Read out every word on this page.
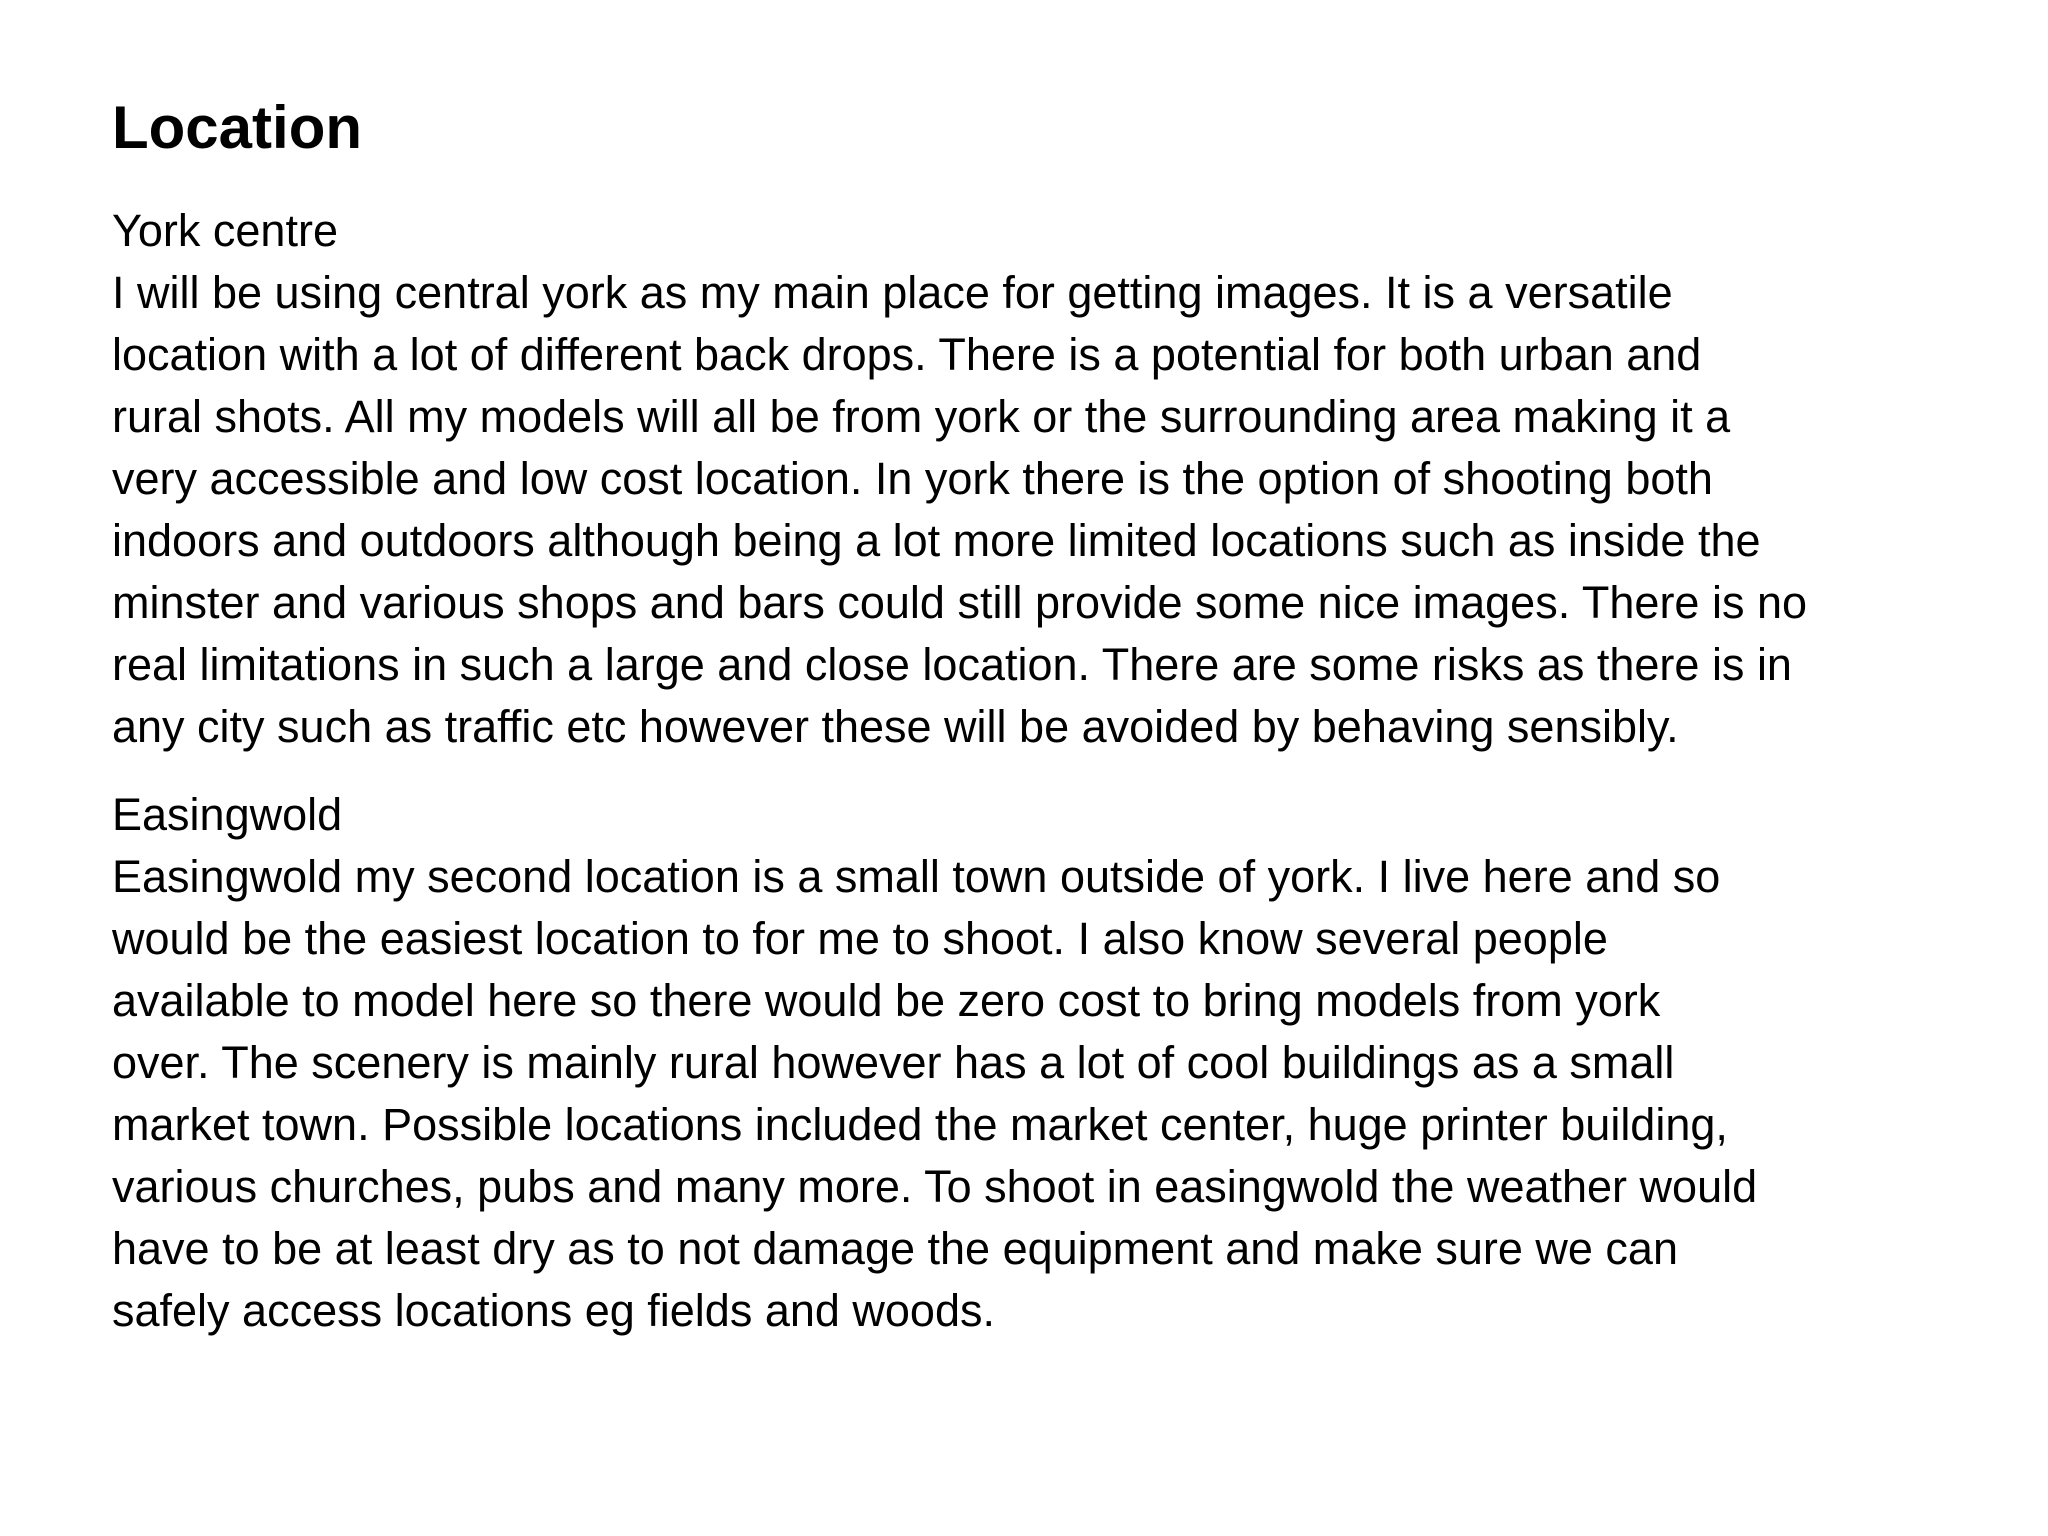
Location
York centre
I will be using central york as my main place for getting images. It is a versatile
location with a lot of different back drops. There is a potential for both urban and
rural shots. All my models will all be from york or the surrounding area making it a
very accessible and low cost location. In york there is the option of shooting both
indoors and outdoors although being a lot more limited locations such as inside the
minster and various shops and bars could still provide some nice images. There is no
real limitations in such a large and close location. There are some risks as there is in
any city such as traffic etc however these will be avoided by behaving sensibly.
Easingwold
Easingwold my second location is a small town outside of york. I live here and so
would be the easiest location to for me to shoot. I also know several people
available to model here so there would be zero cost to bring models from york
over. The scenery is mainly rural however has a lot of cool buildings as a small
market town. Possible locations included the market center, huge printer building,
various churches, pubs and many more. To shoot in easingwold the weather would
have to be at least dry as to not damage the equipment and make sure we can
safely access locations eg fields and woods.
